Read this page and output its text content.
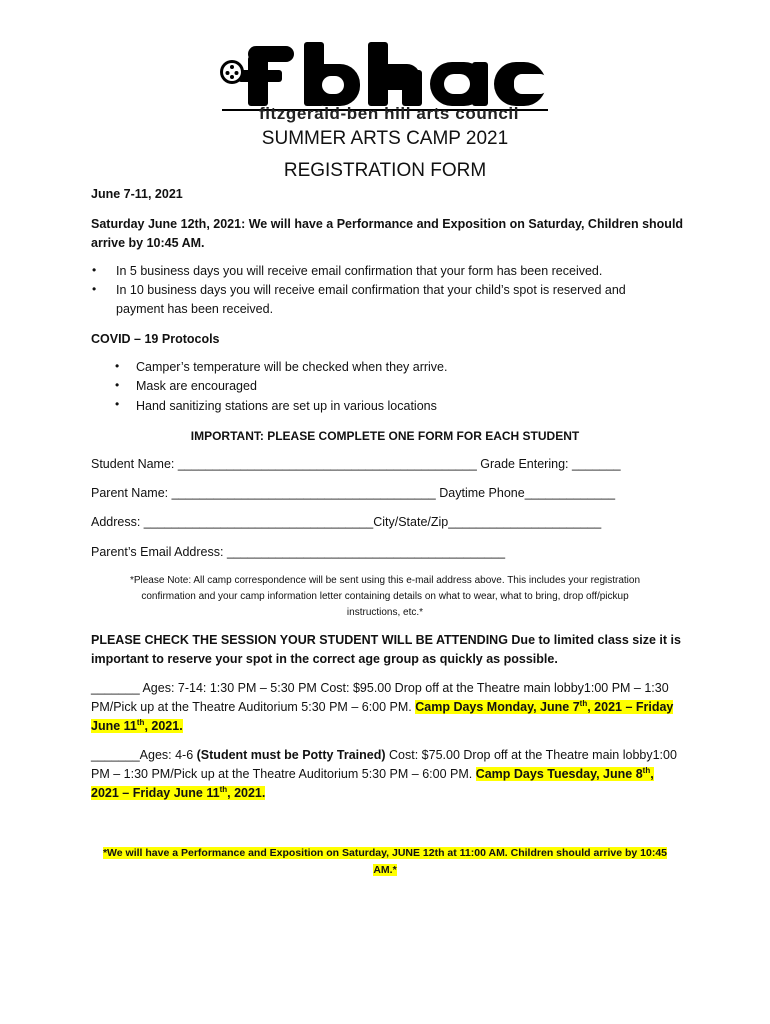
fitzgerald-ben hill arts council
SUMMER ARTS CAMP 2021
REGISTRATION FORM
June 7-11, 2021
Saturday June 12th, 2021: We will have a Performance and Exposition on Saturday, Children should
arrive by 10:45 AM.
• In 5 business days you will receive email confirmation that your form has been received.
• In 10 business days you will receive email confirmation that your child’s spot is reserved and
payment has been received.
COVID – 19 Protocols
• Camper’s temperature will be checked when they arrive.
• Mask are encouraged
• Hand sanitizing stations are set up in various locations
IMPORTANT: PLEASE COMPLETE ONE FORM FOR EACH STUDENT
Student Name: ___________________________________________ Grade Entering: _______
Parent Name: ______________________________________ Daytime Phone_____________
Address: _________________________________City/State/Zip______________________
Parent’s Email Address: ________________________________________
*Please Note: All camp correspondence will be sent using this e-mail address above. This includes your registration
confirmation and your camp information letter containing details on what to wear, what to bring, drop off/pickup
instructions, etc.*
PLEASE CHECK THE SESSION YOUR STUDENT WILL BE ATTENDING Due to limited class size it is
important to reserve your spot in the correct age group as quickly as possible.
_______ Ages: 7-14: 1:30 PM – 5:30 PM Cost: $95.00 Drop off at the Theatre main lobby1:00 PM – 1:30
PM/Pick up at the Theatre Auditorium 5:30 PM – 6:00 PM. Camp Days Monday, June 7th, 2021 – Friday
June 11th, 2021.
_______Ages: 4-6 (Student must be Potty Trained) Cost: $75.00 Drop off at the Theatre main lobby1:00
PM – 1:30 PM/Pick up at the Theatre Auditorium 5:30 PM – 6:00 PM. Camp Days Tuesday, June 8th,
2021 – Friday June 11th, 2021.
*We will have a Performance and Exposition on Saturday, JUNE 12th at 11:00 AM. Children should arrive by 10:45
AM.*
